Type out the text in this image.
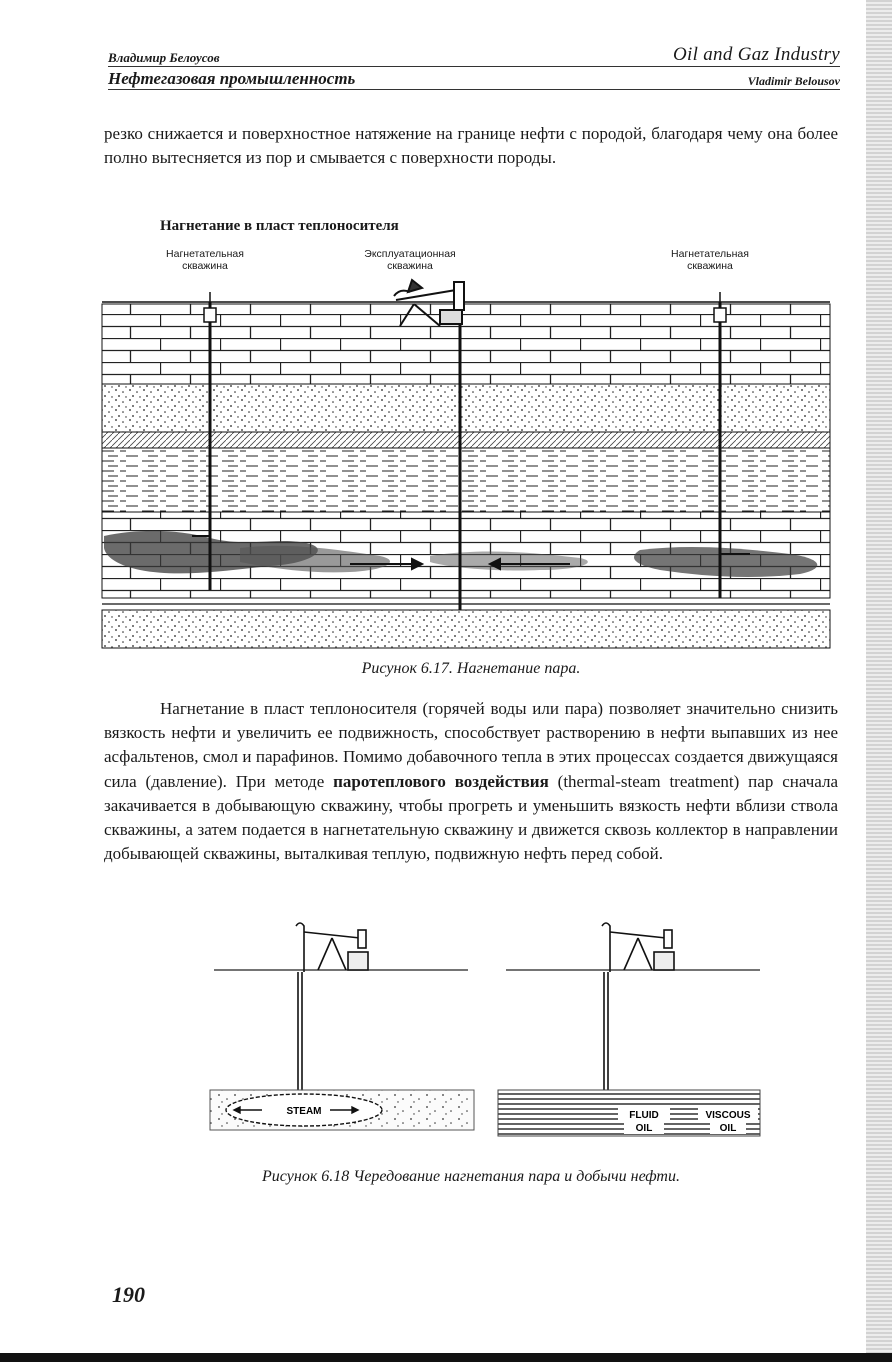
Владимир Белоусов	Oil and Gaz Industry
Нефтегазовая промышленность	Vladimir Belousov

резко снижается и поверхностное натяжение на границе нефти с породой, благодаря чему она более полно вытесняется из пор и смывается с поверхности породы.

Нагнетание в пласт теплоносителя
Нагнетательная скважина
Эксплуатационная скважина
Нагнетательная скважина
Рисунок 6.17. Нагнетание пара.

Нагнетание в пласт теплоносителя (горячей воды или пара) позволяет значительно снизить вязкость нефти и увеличить ее подвижность, способствует растворению в нефти выпавших из нее асфальтенов, смол и парафинов. Помимо добавочного тепла в этих процессах создается движущаяся сила (давление). При методе паротеплового воздействия (thermal-steam treatment) пар сначала закачивается в добывающую скважину, чтобы прогреть и уменьшить вязкость нефти вблизи ствола скважины, а затем подается в нагнетательную скважину и движется сквозь коллектор в направлении добывающей скважины, выталкивая теплую, подвижную нефть перед собой.

STEAM	FLUID
OIL
VISCOUS
OIL
Рисунок 6.18 Чередование нагнетания пара и добычи нефти.
190
